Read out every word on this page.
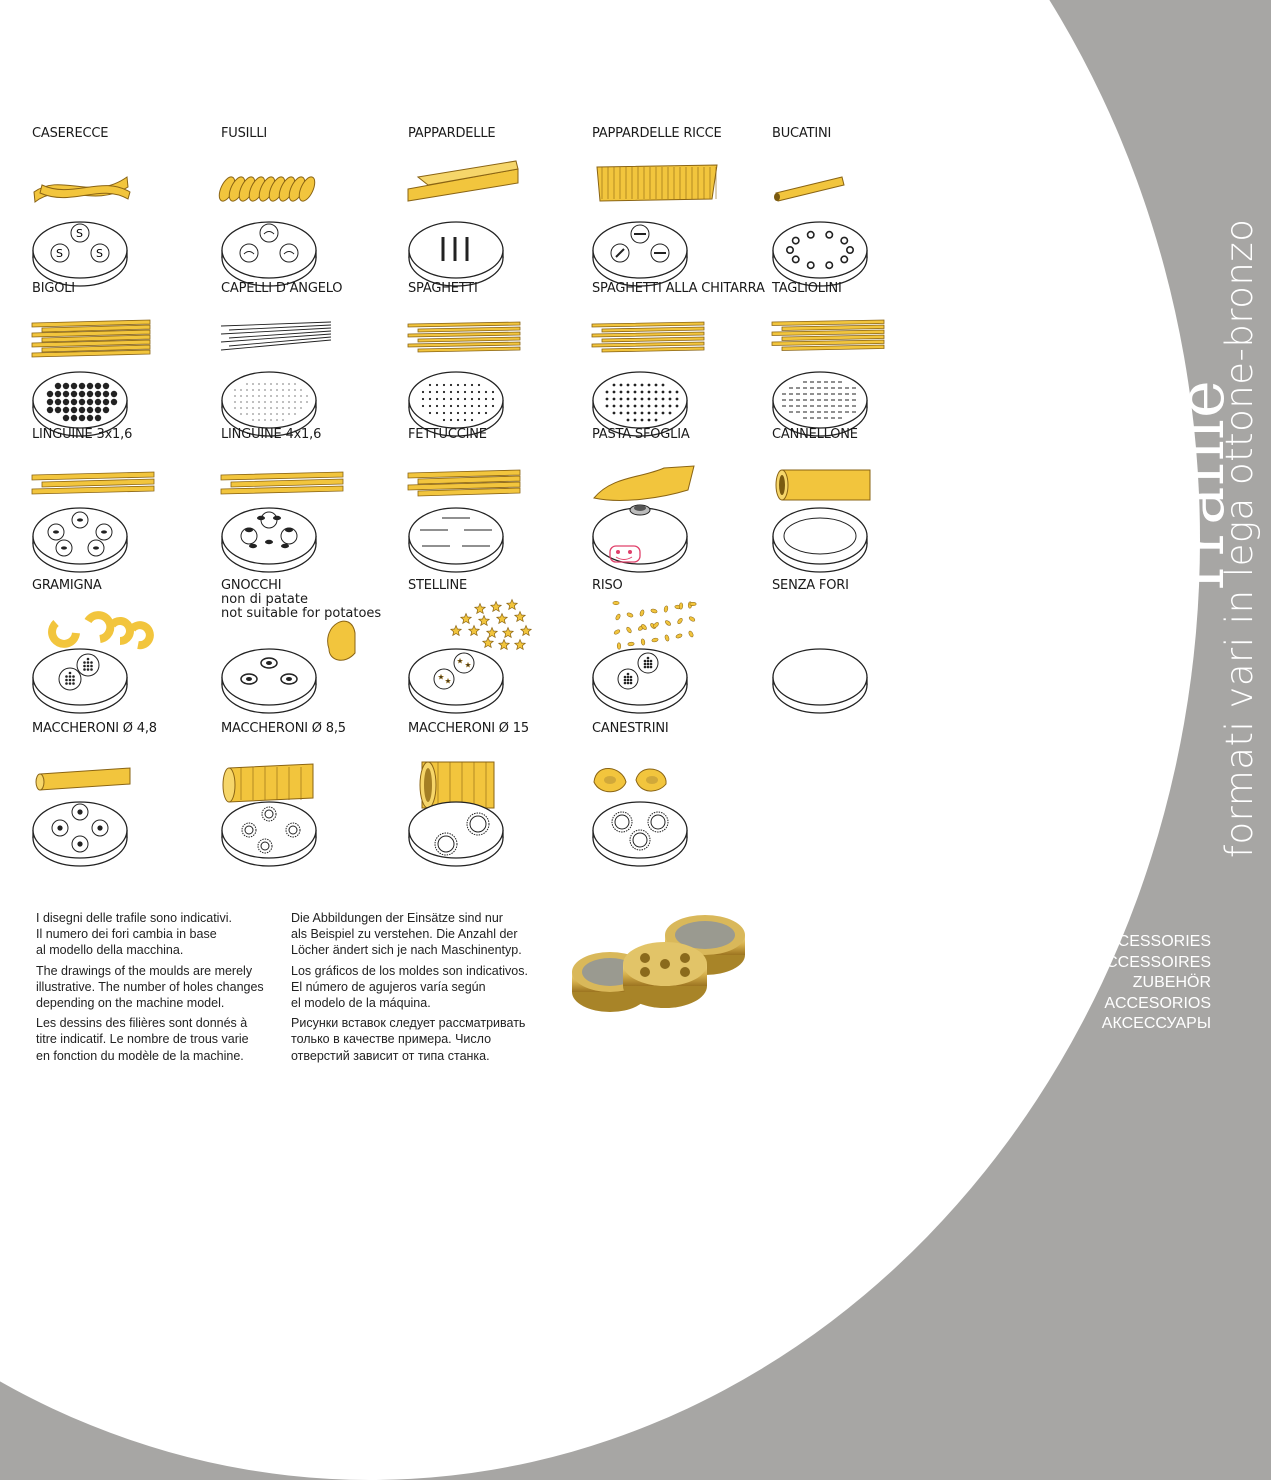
CASERECCE
S
S	S
FUSILLI	PAPPARDELLE	PAPPARDELLE RICCE	BUCATINI
BIGOLI	CAPELLI D’ANGELO	SPAGHETTI	SPAGHETTI ALLA CHITARRA TAGLIOLINI
LINGUINE 3x1,6	LINGUINE 4x1,6	FETTUCCINE	PASTA SFOGLIA	CANNELLONE
GRAMIGNA	GNOCCHI
non di patate
not suitable for potatoes
STELLINE	RISO	SENZA FORI
MACCHERONI Ø 4,8	MACCHERONI Ø 8,5	MACCHERONI Ø 15	CANESTRINI
Trafile
formati vari in lega ottone-bronzo
ACCESSORIES
ACCESSOIRES
ZUBEHÖR
ACCESORIOS
АКСЕССУАРЫ

I disegni delle trafile sono indicativi.
Il numero dei fori cambia in base
al modello della macchina.

The drawings of the moulds are merely
illustrative. The number of holes changes
depending on the machine model.

Les dessins des filières sont donnés à
titre indicatif. Le nombre de trous varie
en fonction du modèle de la machine.

Die Abbildungen der Einsätze sind nur
als Beispiel zu verstehen. Die Anzahl der
Löcher ändert sich je nach Maschinentyp.

Los gráficos de los moldes son indicativos.
El número de agujeros varía según
el modelo de la máquina.

Рисунки вставок следует рассматривать
только в качестве примера. Число
отверстий зависит от типа станка.
